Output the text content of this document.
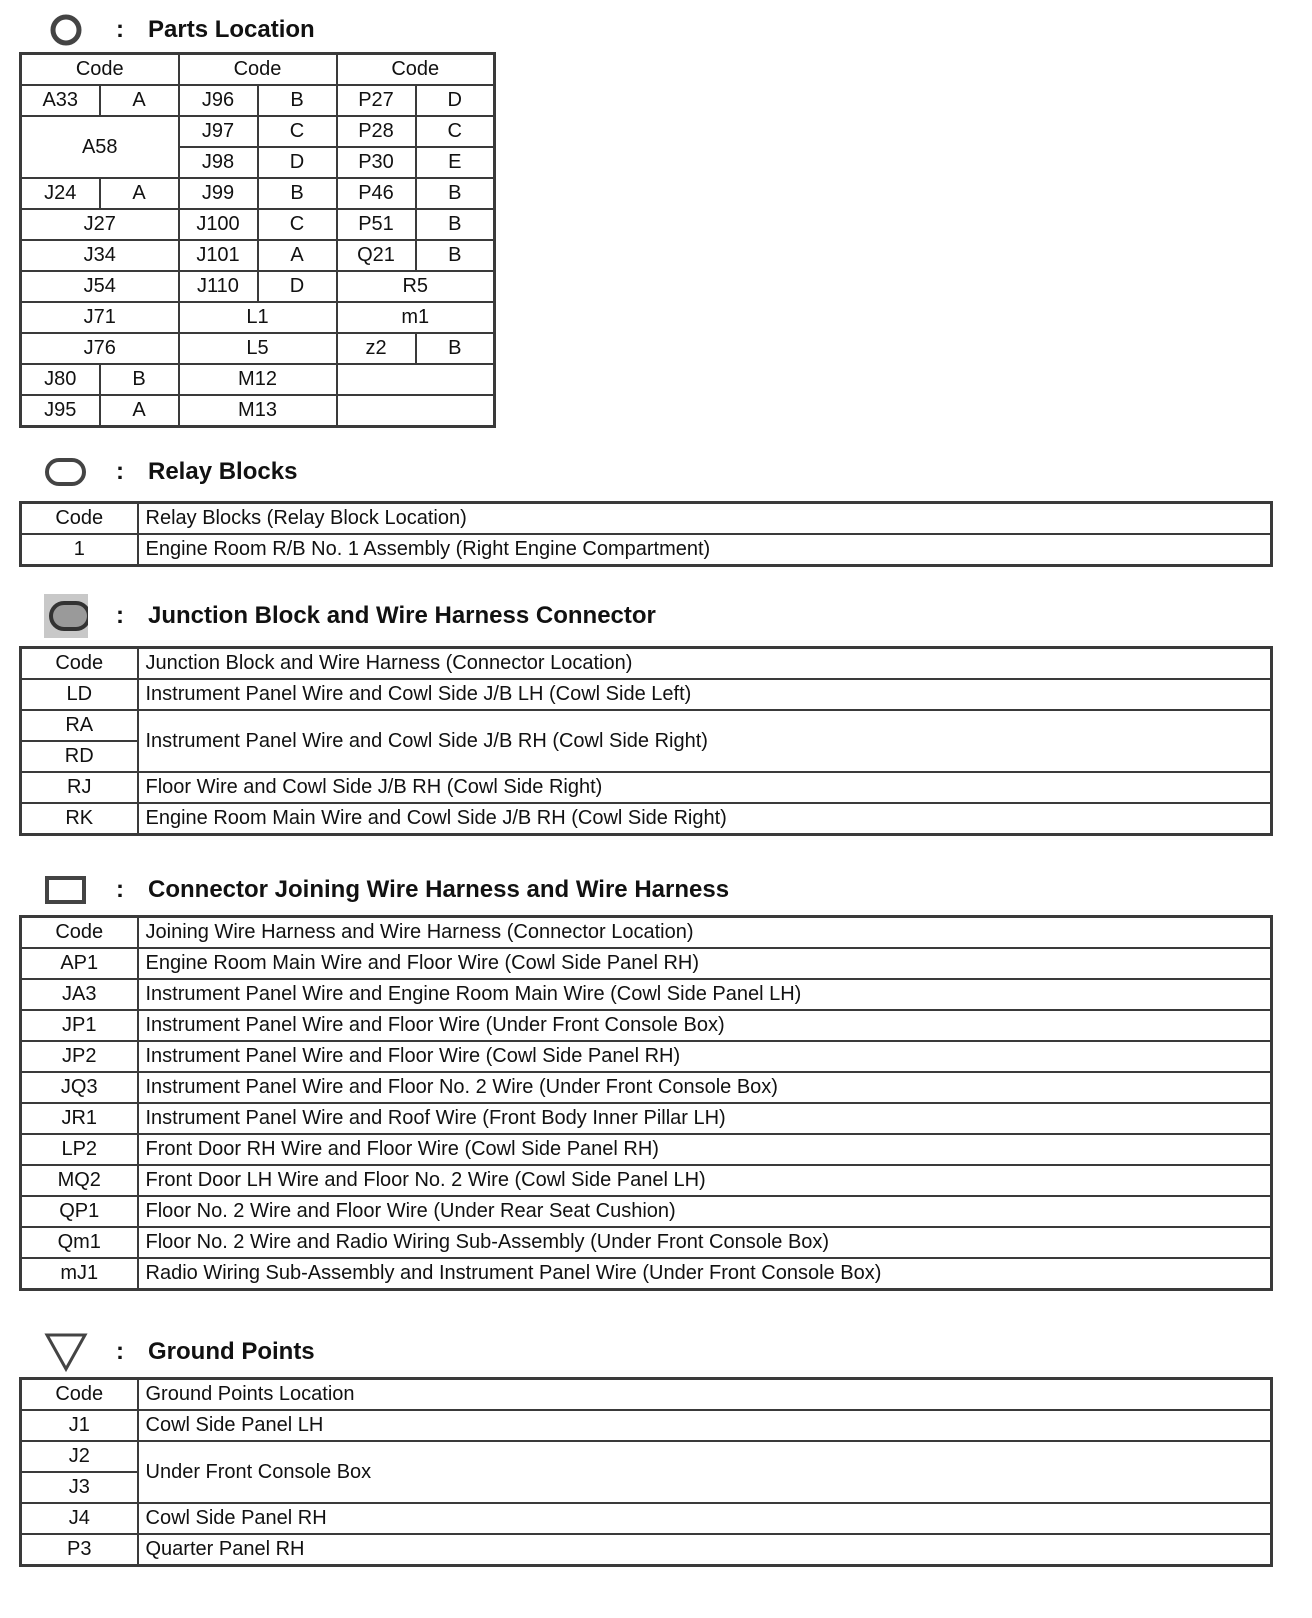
: Parts Location
Code		Code		Code	
A33	A	J96	B	P27	D
A58		J97	C	P28	C
		J98	D	P30	E
J24	A	J99	B	P46	B
J27		J100	C	P51	B
J34		J101	A	Q21	B
J54		J110	D	R5	
J71		L1		m1	
J76		L5		z2	B
J80	B	M12			
J95	A	M13			
: Relay Blocks
Code	Relay Blocks (Relay Block Location)
1	Engine Room R/B No. 1 Assembly (Right Engine Compartment)
: Junction Block and Wire Harness Connector
Code	Junction Block and Wire Harness (Connector Location)
LD	Instrument Panel Wire and Cowl Side J/B LH (Cowl Side Left)
RA	Instrument Panel Wire and Cowl Side J/B RH (Cowl Side Right)
RD	
RJ	Floor Wire and Cowl Side J/B RH (Cowl Side Right)
RK	Engine Room Main Wire and Cowl Side J/B RH (Cowl Side Right)
: Connector Joining Wire Harness and Wire Harness
Code	Joining Wire Harness and Wire Harness (Connector Location)
AP1	Engine Room Main Wire and Floor Wire (Cowl Side Panel RH)
JA3	Instrument Panel Wire and Engine Room Main Wire (Cowl Side Panel LH)
JP1	Instrument Panel Wire and Floor Wire (Under Front Console Box)
JP2	Instrument Panel Wire and Floor Wire (Cowl Side Panel RH)
JQ3	Instrument Panel Wire and Floor No. 2 Wire (Under Front Console Box)
JR1	Instrument Panel Wire and Roof Wire (Front Body Inner Pillar LH)
LP2	Front Door RH Wire and Floor Wire (Cowl Side Panel RH)
MQ2	Front Door LH Wire and Floor No. 2 Wire (Cowl Side Panel LH)
QP1	Floor No. 2 Wire and Floor Wire (Under Rear Seat Cushion)
Qm1	Floor No. 2 Wire and Radio Wiring Sub-Assembly (Under Front Console Box)
mJ1	Radio Wiring Sub-Assembly and Instrument Panel Wire (Under Front Console Box)
: Ground Points
Code	Ground Points Location
J1	Cowl Side Panel LH
J2	Under Front Console Box
J3	
J4	Cowl Side Panel RH
P3	Quarter Panel RH
